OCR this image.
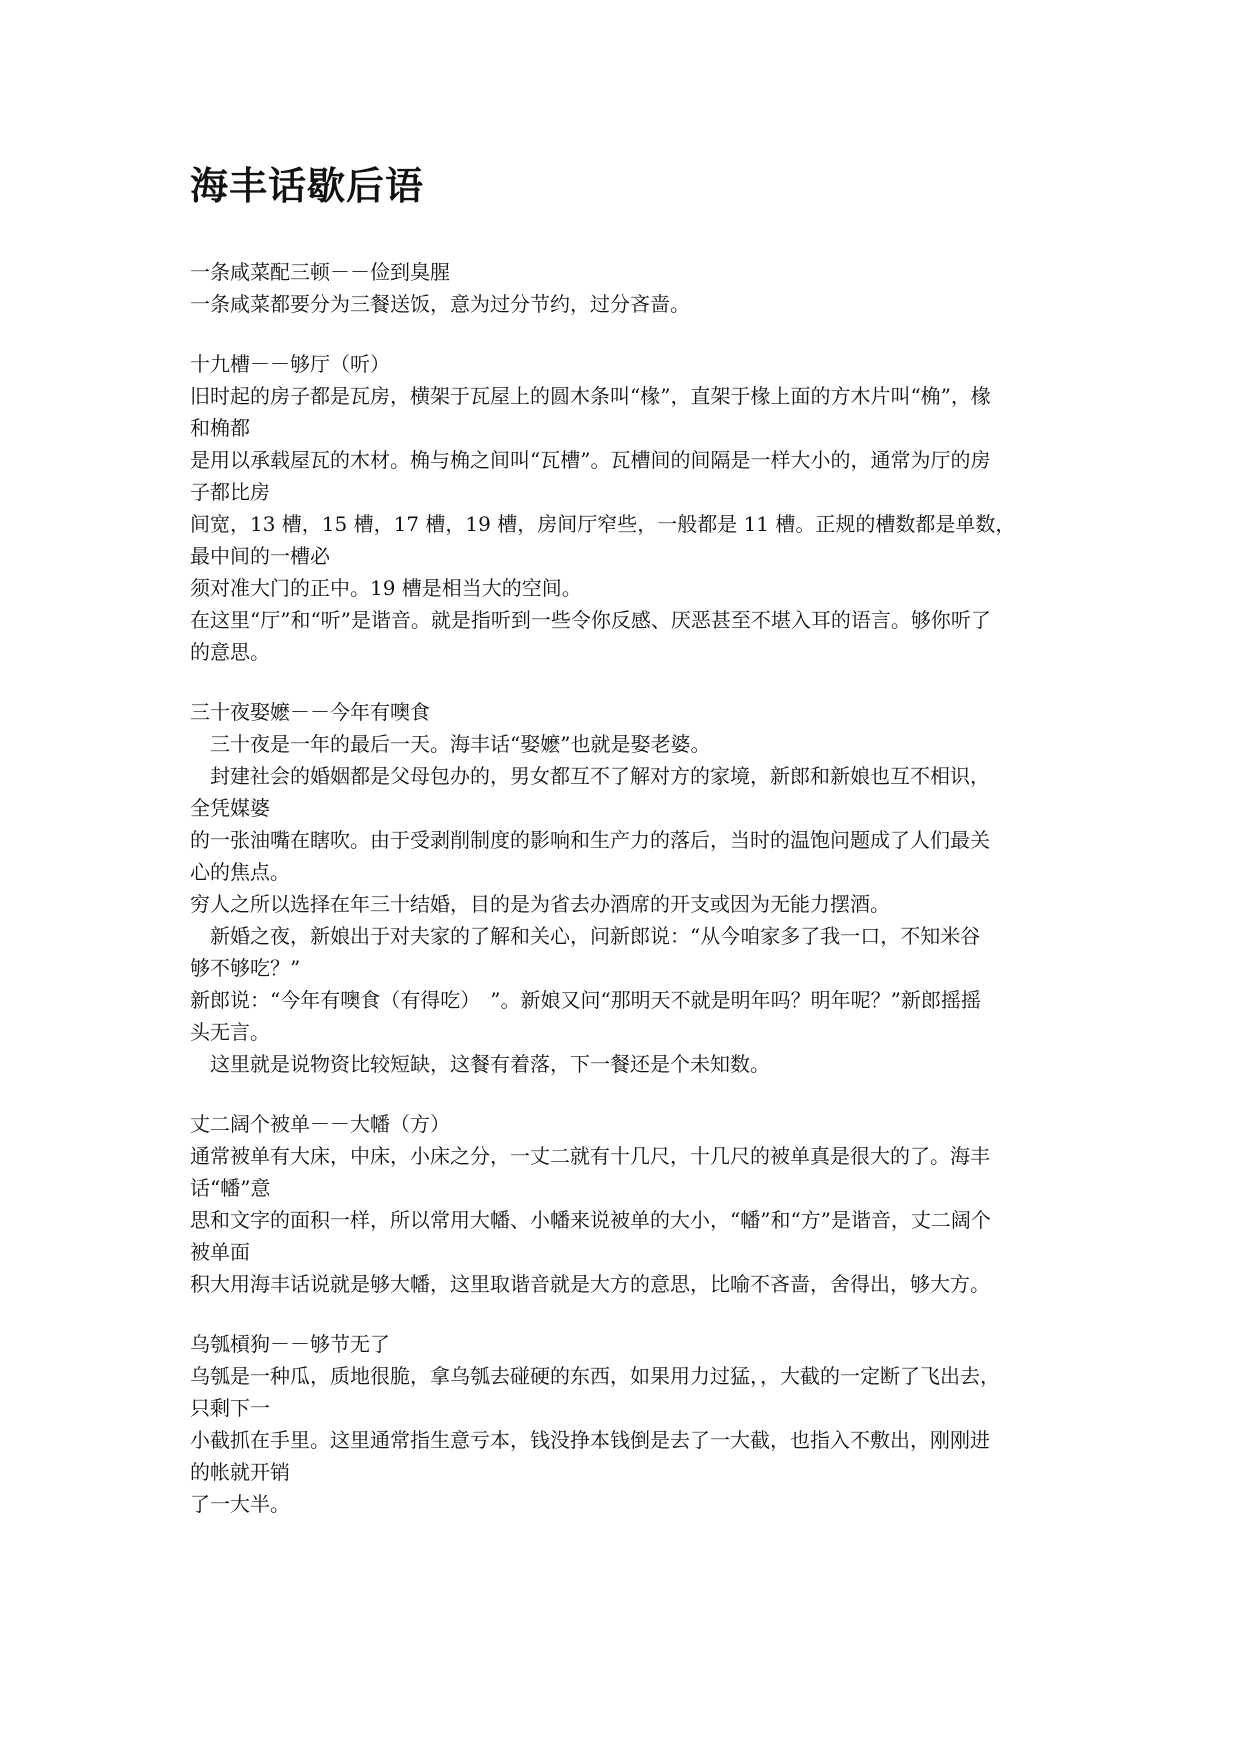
海丰话歇后语
一条咸菜配三顿－－俭到臭腥
一条咸菜都要分为三餐送饭，意为过分节约，过分吝啬。
十九槽－－够厅（听）
旧时起的房子都是瓦房，横架于瓦屋上的圆木条叫“椽”，直架于椽上面的方木片叫“桷”，椽
和桷都
是用以承载屋瓦的木材。桷与桷之间叫“瓦槽”。瓦槽间的间隔是一样大小的，通常为厅的房
子都比房
间宽，13 槽，15 槽，17 槽，19 槽，房间厅窄些，一般都是 11 槽。正规的槽数都是单数，
最中间的一槽必
须对准大门的正中。19 槽是相当大的空间。
在这里“厅”和“听”是谐音。就是指听到一些令你反感、厌恶甚至不堪入耳的语言。够你听了
的意思。
三十夜娶嬷－－今年有噢食
　三十夜是一年的最后一天。海丰话“娶嬷”也就是娶老婆。
　封建社会的婚姻都是父母包办的，男女都互不了解对方的家境，新郎和新娘也互不相识，
全凭媒婆
的一张油嘴在瞎吹。由于受剥削制度的影响和生产力的落后，当时的温饱问题成了人们最关
心的焦点。
穷人之所以选择在年三十结婚，目的是为省去办酒席的开支或因为无能力摆酒。
　新婚之夜，新娘出于对夫家的了解和关心，问新郎说：“从今咱家多了我一口，不知米谷
够不够吃？”
新郎说：“今年有噢食（有得吃）　”。新娘又问“那明天不就是明年吗？明年呢？”新郎摇摇
头无言。
　这里就是说物资比较短缺，这餐有着落，下一餐还是个未知数。
丈二阔个被单－－大幡（方）
通常被单有大床，中床，小床之分，一丈二就有十几尺，十几尺的被单真是很大的了。海丰
话“幡”意
思和文字的面积一样，所以常用大幡、小幡来说被单的大小，“幡”和“方”是谐音，丈二阔个
被单面
积大用海丰话说就是够大幡，这里取谐音就是大方的意思，比喻不吝啬，舍得出，够大方。
乌瓠槓狗－－够节无了
乌瓠是一种瓜，质地很脆，拿乌瓠去碰硬的东西，如果用力过猛，，大截的一定断了飞出去，
只剩下一
小截抓在手里。这里通常指生意亏本，钱没挣本钱倒是去了一大截，也指入不敷出，刚刚进
的帐就开销
了一大半。
